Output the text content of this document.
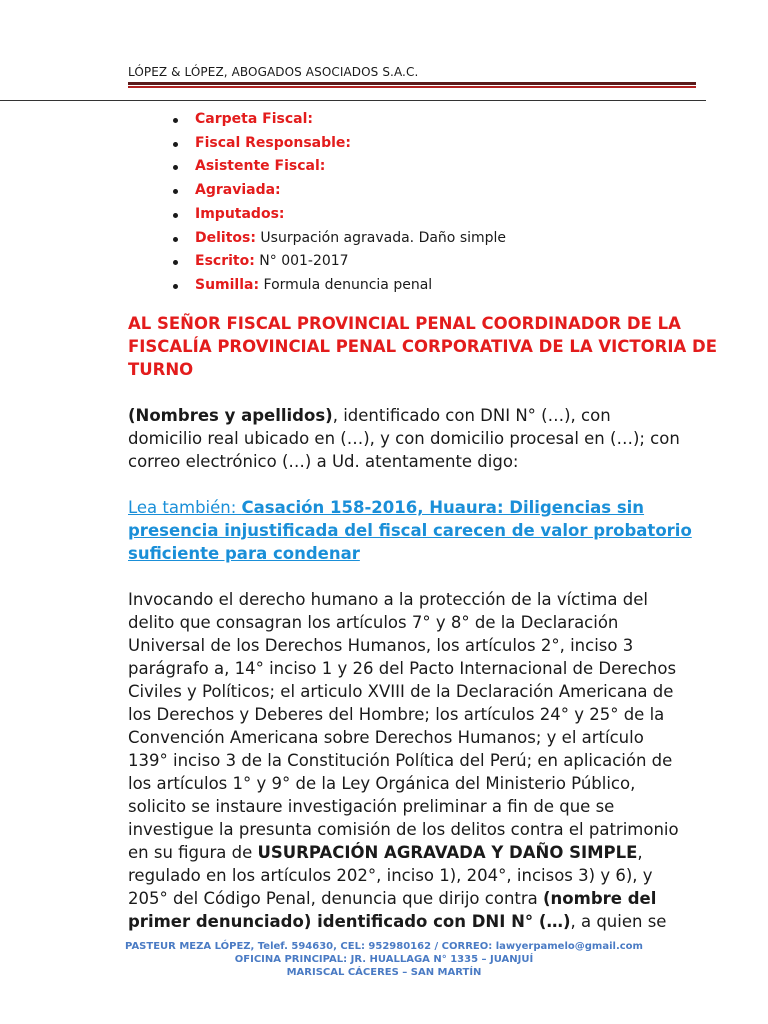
LÓPEZ & LÓPEZ, ABOGADOS ASOCIADOS S.A.C.
Carpeta Fiscal:
Fiscal Responsable:
Asistente Fiscal:
Agraviada:
Imputados:
Delitos: Usurpación agravada. Daño simple
Escrito: N° 001-2017
Sumilla: Formula denuncia penal

AL SEÑOR FISCAL PROVINCIAL PENAL COORDINADOR DE LA FISCALÍA PROVINCIAL PENAL CORPORATIVA DE LA VICTORIA DE TURNO

(Nombres y apellidos), identificado con DNI N° (…), con domicilio real ubicado en (…), y con domicilio procesal en (…); con correo electrónico (…) a Ud. atentamente digo:

Lea también: Casación 158-2016, Huaura: Diligencias sin presencia injustificada del fiscal carecen de valor probatorio suficiente para condenar

Invocando el derecho humano a la protección de la víctima del delito que consagran los artículos 7° y 8° de la Declaración Universal de los Derechos Humanos, los artículos 2°, inciso 3 parágrafo a, 14° inciso 1 y 26 del Pacto Internacional de Derechos Civiles y Políticos; el articulo XVIII de la Declaración Americana de los Derechos y Deberes del Hombre; los artículos 24° y 25° de la Convención Americana sobre Derechos Humanos; y el artículo 139° inciso 3 de la Constitución Política del Perú; en aplicación de los artículos 1° y 9° de la Ley Orgánica del Ministerio Público, solicito se instaure investigación preliminar a fin de que se investigue la presunta comisión de los delitos contra el patrimonio en su figura de USURPACIÓN AGRAVADA Y DAÑO SIMPLE, regulado en los artículos 202°, inciso 1), 204°, incisos 3) y 6), y 205° del Código Penal, denuncia que dirijo contra (nombre del primer denunciado) identificado con DNI N° (…), a quien se

PASTEUR MEZA LÓPEZ, Telef. 594630, CEL: 952980162 / CORREO: lawyerpamelo@gmail.com
OFICINA PRINCIPAL: JR. HUALLAGA N° 1335 – JUANJUÍ
MARISCAL CÁCERES – SAN MARTÍN
